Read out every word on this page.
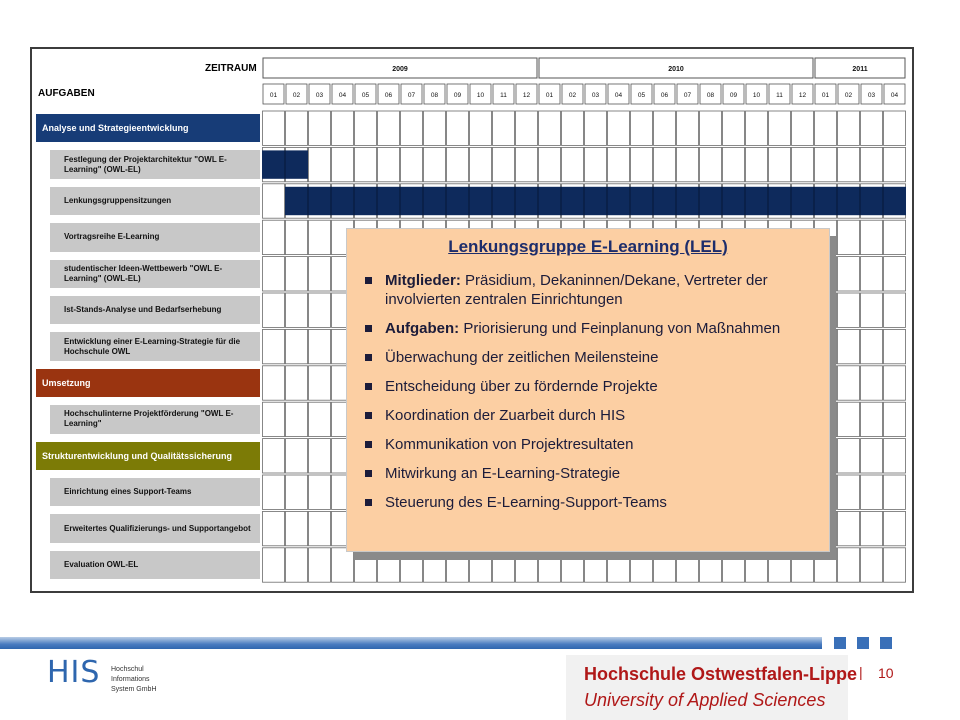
ZEITRAUM
AUFGABEN
2009	2010	2011
01 02 03 04 05 06 07 08 09 10 11 12 01 02 03 04 05 06 07 08 09 10 11 12 01 02 03 04
Analyse und Strategieentwicklung
Festlegung der Projektarchitektur "OWL E-Learning" (OWL-EL)
Lenkungsgruppensitzungen
Vortragsreihe E-Learning
studentischer Ideen-Wettbewerb "OWL E-Learning" (OWL-EL)
Ist-Stands-Analyse und Bedarfserhebung
Entwicklung einer E-Learning-Strategie für die Hochschule OWL
Umsetzung
Hochschulinterne Projektförderung "OWL E-Learning"
Strukturentwicklung und Qualitätssicherung
Einrichtung eines Support-Teams
Erweitertes Qualifizierungs- und Supportangebot
Evaluation OWL-EL
Lenkungsgruppe E-Learning (LEL)
Mitglieder: Präsidium, Dekaninnen/Dekane, Vertreter der involvierten zentralen Einrichtungen
Aufgaben: Priorisierung und Feinplanung von Maßnahmen
Überwachung der zeitlichen Meilensteine
Entscheidung über zu fördernde Projekte
Koordination der Zuarbeit durch HIS
Kommunikation von Projektresultaten
Mitwirkung an E-Learning-Strategie
Steuerung des E-Learning-Support-Teams
HIS Hochschul
Informations
System GmbH
Hochschule Ostwestfalen-Lippe
University of Applied Sciences
| 10
